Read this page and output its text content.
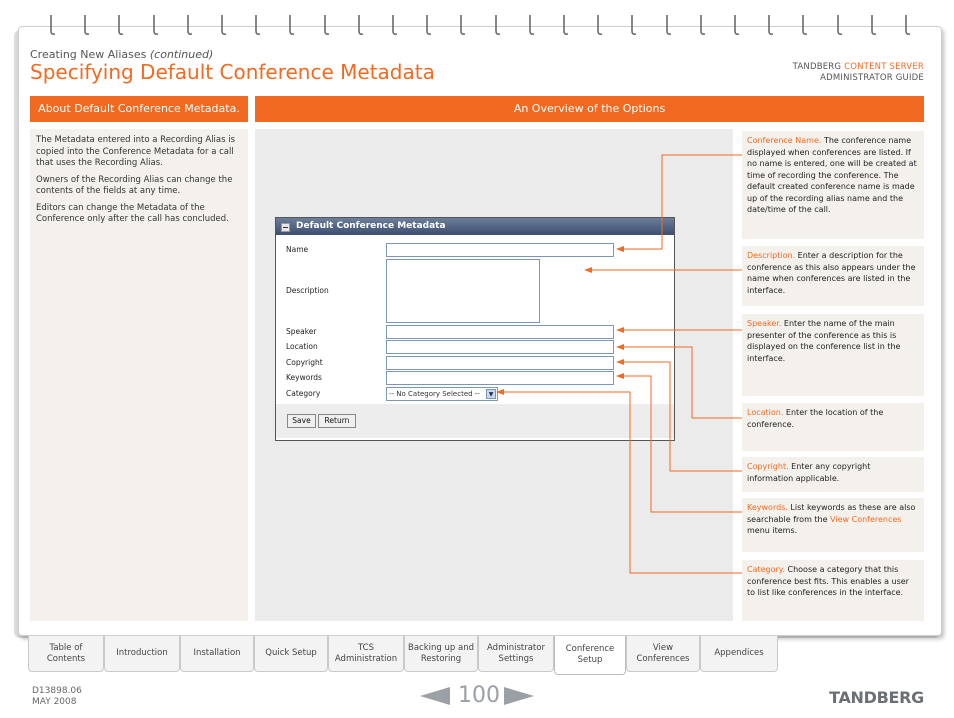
Creating New Aliases (continued)
Specifying Default Conference Metadata	TANDBERG CONTENT SERVER
ADMINISTRATOR GUIDE
About Default Conference Metadata.	An Overview of the Options

The Metadata entered into a Recording Alias is copied into the Conference Metadata for a call that uses the Recording Alias.

Owners of the Recording Alias can change the contents of the fields at any time.

Editors can change the Metadata of the Conference only after the call has concluded.

Default Conference Metadata
Name
Description
Speaker
Location
Copyright
Keywords
Category	-- No Category Selected --	▼
Save	Return
Conference Name. The conference name displayed when conferences are listed. If no name is entered, one will be created at time of recording the conference. The default created conference name is made up of the recording alias name and the date/time of the call.
Description. Enter a description for the conference as this also appears under the name when conferences are listed in the interface.
Speaker. Enter the name of the main presenter of the conference as this is displayed on the conference list in the interface.
Location. Enter the location of the conference.
Copyright. Enter any copyright information applicable.
Keywords. List keywords as these are also searchable from the View Conferences menu items.
Category. Choose a category that this conference best fits. This enables a user to list like conferences in the interface.
Table of
Contents
Introduction	Installation	Quick Setup
TCS
Administration
Backing up and
Restoring
Administrator
Settings
Conference
Setup
View
Conferences
Appendices
D13898.06
MAY 2008	100	TANDBERG
